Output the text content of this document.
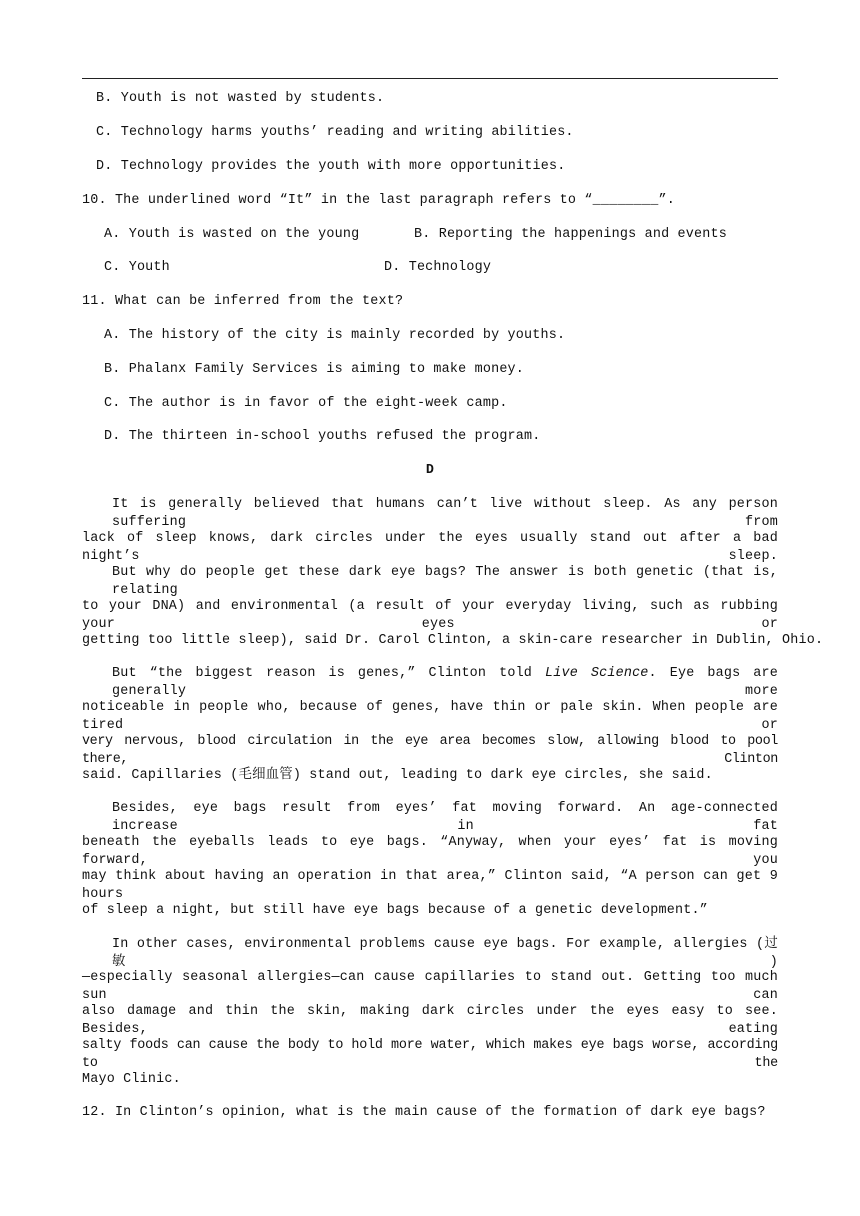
B. Youth is not wasted by students.
C. Technology harms youths’ reading and writing abilities.
D. Technology provides the youth with more opportunities.
10. The underlined word “It” in the last paragraph refers to “________”.
A. Youth is wasted on the young	B. Reporting the happenings and events
C. Youth	D. Technology
11. What can be inferred from the text?
A. The history of the city is mainly recorded by youths.
B. Phalanx Family Services is aiming to make money.
C. The author is in favor of the eight-week camp.
D. The thirteen in-school youths refused the program.
D
It is generally believed that humans can’t live without sleep. As any person suffering from
lack of sleep knows, dark circles under the eyes usually stand out after a bad night’s sleep.
But why do people get these dark eye bags? The answer is both genetic (that is, relating
to your DNA) and environmental (a result of your everyday living, such as rubbing your eyes or
getting too little sleep), said Dr. Carol Clinton, a skin-care researcher in Dublin, Ohio.
But “the biggest reason is genes,” Clinton told Live Science. Eye bags are generally more
noticeable in people who, because of genes, have thin or pale skin. When people are tired or
very nervous, blood circulation in the eye area becomes slow, allowing blood to pool there, Clinton
said. Capillaries (毛细血管) stand out, leading to dark eye circles, she said.
Besides, eye bags result from eyes’ fat moving forward. An age-connected increase in fat
beneath the eyeballs leads to eye bags. “Anyway, when your eyes’ fat is moving forward, you
may think about having an operation in that area,” Clinton said, “A person can get 9 hours
of sleep a night, but still have eye bags because of a genetic development.”
In other cases, environmental problems cause eye bags. For example, allergies (过敏)
—especially seasonal allergies—can cause capillaries to stand out. Getting too much sun can
also damage and thin the skin, making dark circles under the eyes easy to see. Besides, eating
salty foods can cause the body to hold more water, which makes eye bags worse, according to the
Mayo Clinic.
12. In Clinton’s opinion, what is the main cause of the formation of dark eye bags?
